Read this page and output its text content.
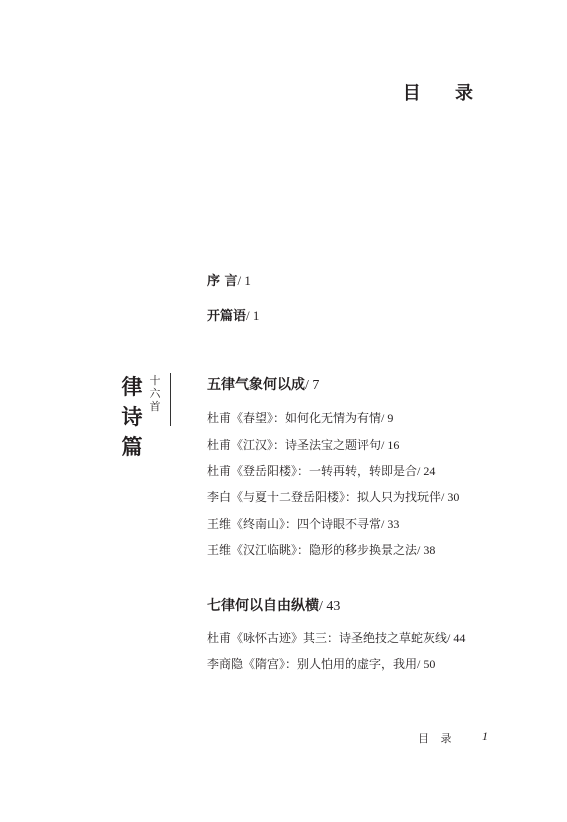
目 录
序 言/ 1
开篇语/ 1
律
诗
篇
十
六
首
五律气象何以成/ 7
杜甫《春望》：如何化无情为有情/ 9
杜甫《江汉》：诗圣法宝之题评句/ 16
杜甫《登岳阳楼》：一转再转，转即是合/ 24
李白《与夏十二登岳阳楼》：拟人只为找玩伴/ 30
王维《终南山》：四个诗眼不寻常/ 33
王维《汉江临眺》：隐形的移步换景之法/ 38
七律何以自由纵横/ 43
杜甫《咏怀古迹》其三：诗圣绝技之草蛇灰线/ 44
李商隐《隋宫》：别人怕用的虚字，我用/ 50
目 录 1
